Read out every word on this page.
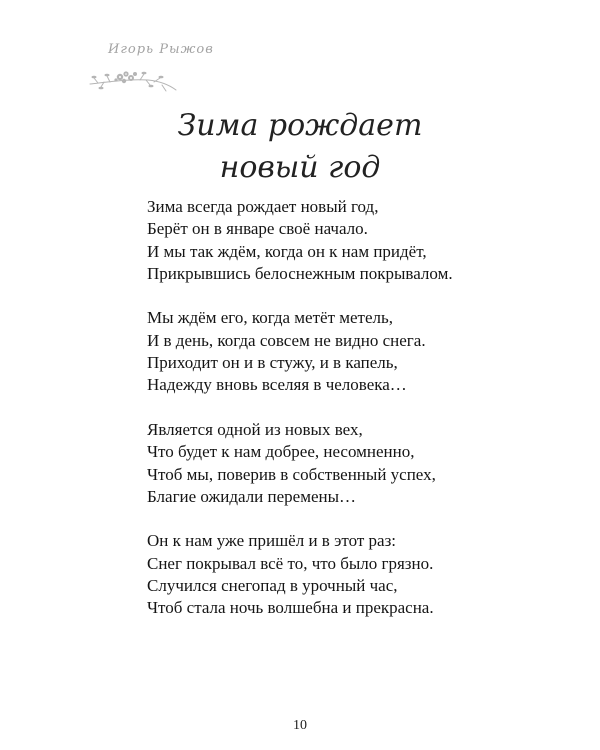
Игорь Рыжов
Зима рождает
новый год
Зима всегда рождает новый год,
Берёт он в январе своё начало.
И мы так ждём, когда он к нам придёт,
Прикрывшись белоснежным покрывалом.
Мы ждём его, когда метёт метель,
И в день, когда совсем не видно снега.
Приходит он и в стужу, и в капель,
Надежду вновь вселяя в человека…
Является одной из новых вех,
Что будет к нам добрее, несомненно,
Чтоб мы, поверив в собственный успех,
Благие ожидали перемены…
Он к нам уже пришёл и в этот раз:
Снег покрывал всё то, что было грязно.
Случился снегопад в урочный час,
Чтоб стала ночь волшебна и прекрасна.
10
